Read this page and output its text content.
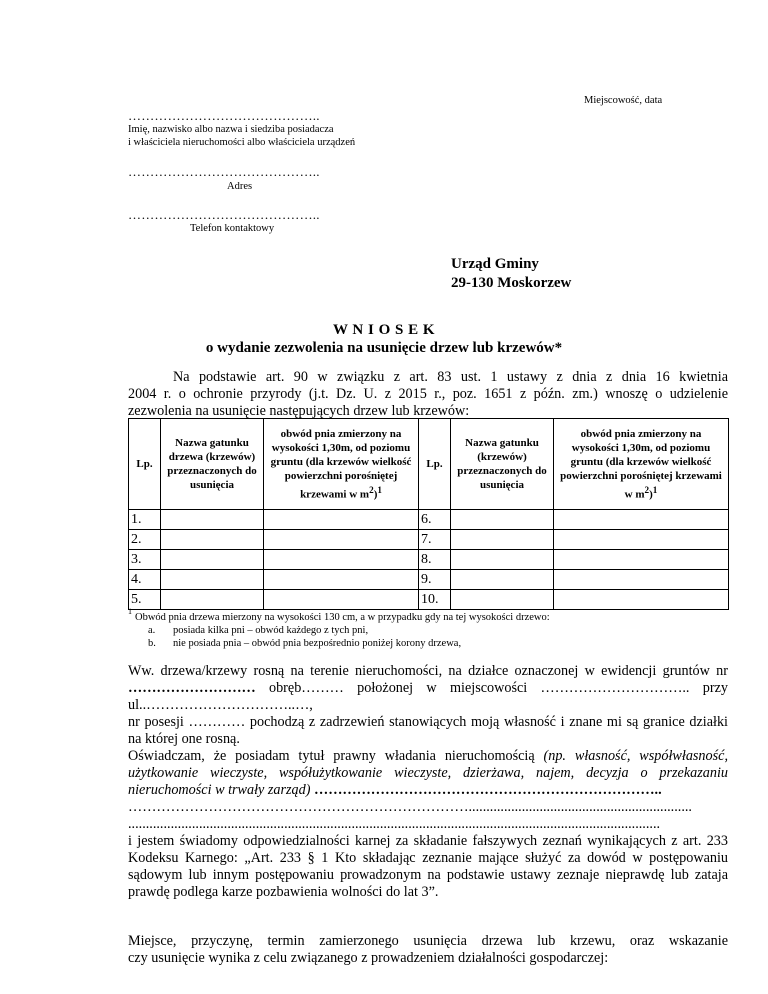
Miejscowość, data
……………………………………..
Imię, nazwisko albo nazwa i siedziba posiadacza
i właściciela nieruchomości albo właściciela urządzeń
……………………………………..
Adres
……………………………………..
Telefon kontaktowy
Urząd Gminy
29-130 Moskorzew
W N I O S E K
o wydanie zezwolenia na usunięcie drzew lub krzewów*
Na podstawie art. 90 w związku z art. 83 ust. 1 ustawy z dnia z dnia 16 kwietnia
2004 r. o ochronie przyrody (j.t. Dz. U. z 2015 r., poz. 1651 z późn. zm.) wnoszę o udzielenie
zezwolenia na usunięcie następujących drzew lub krzewów:
Lp.	Nazwa gatunku drzewa (krzewów) przeznaczonych do usunięcia	obwód pnia zmierzony na wysokości 1,30m, od poziomu gruntu (dla krzewów wielkość powierzchni porośniętej krzewami w $m^2)^1$	Lp.	Nazwa gatunku (krzewów) przeznaczonych do usunięcia	obwód pnia zmierzony na wysokości 1,30m, od poziomu gruntu (dla krzewów wielkość powierzchni porośniętej krzewami w $m^2)^1$
1.			6.		
2.			7.		
3.			8.		
4.			9.		
5.			10.		
1
Obwód pnia drzewa mierzony na wysokości 130 cm, a w przypadku gdy na tej wysokości drzewo:
a. posiada kilka pni – obwód każdego z tych pni,
b. nie posiada pnia – obwód pnia bezpośrednio poniżej korony drzewa,
Ww. drzewa/krzewy rosną na terenie nieruchomości, na działce oznaczonej w ewidencji gruntów nr
……………………… obręb……… położonej w miejscowości ………………………….. przy
ul..…………………………..…,
nr posesji ………… pochodzą z zadrzewień stanowiących moją własność i znane mi są granice działki
na której one rosną.
Oświadczam, że posiadam tytuł prawny władania nieruchomością (np. własność, współwłasność,
użytkowanie wieczyste, współużytkowanie wieczyste, dzierżawa, najem, decyzja o przekazaniu
nieruchomości w trwały zarząd) ………………………………………………………………..
………………………………………………………………...............................................................
......................................................................................................................................................
i jestem świadomy odpowiedzialności karnej za składanie fałszywych zeznań wynikających z art. 233
Kodeksu Karnego: „Art. 233 § 1 Kto składając zeznanie mające służyć za dowód w postępowaniu
sądowym lub innym postępowaniu prowadzonym na podstawie ustawy zeznaje nieprawdę lub zataja
prawdę podlega karze pozbawienia wolności do lat 3”.
Miejsce, przyczynę, termin zamierzonego usunięcia drzewa lub krzewu, oraz wskazanie
czy usunięcie wynika z celu związanego z prowadzeniem działalności gospodarczej:
